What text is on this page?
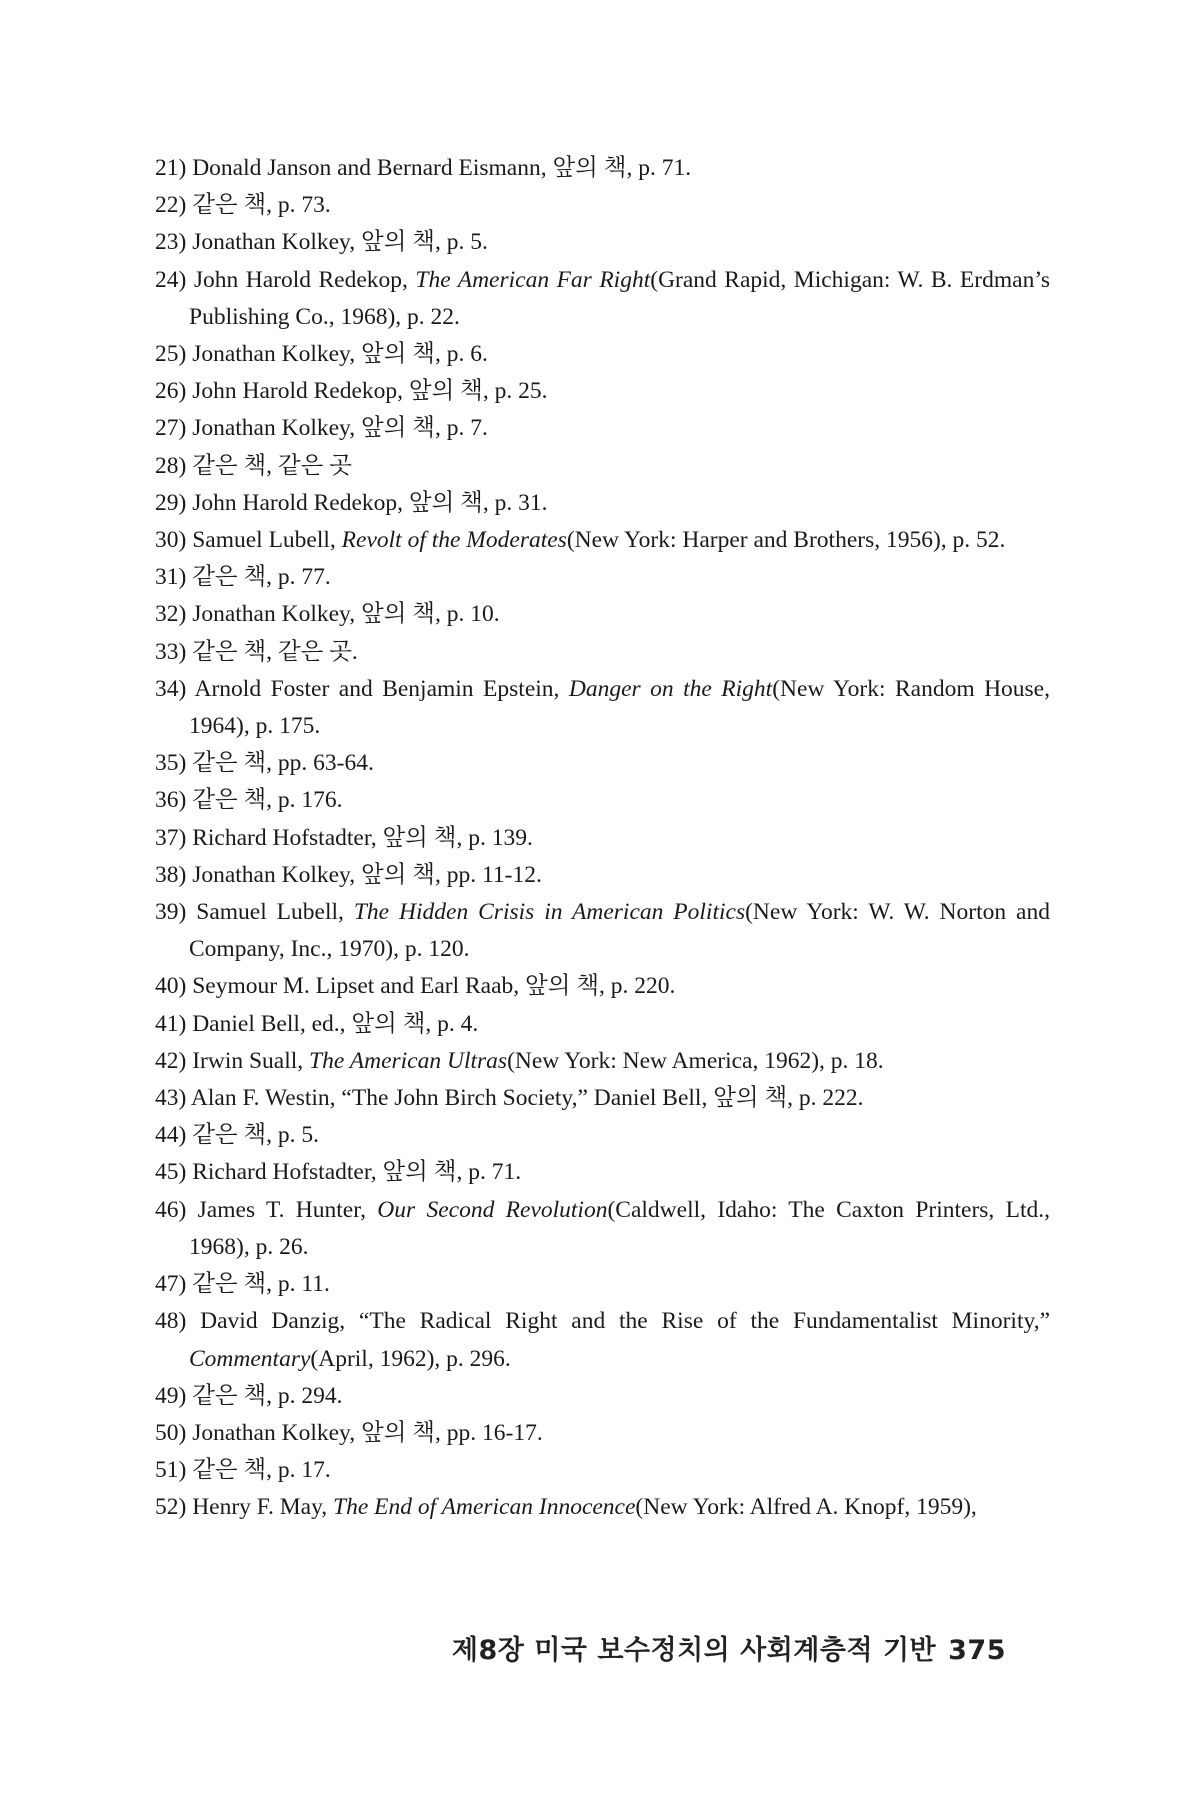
21) Donald Janson and Bernard Eismann, 앞의 책, p. 71.

22) 같은 책, p. 73.

23) Jonathan Kolkey, 앞의 책, p. 5.

24) John Harold Redekop, The American Far Right(Grand Rapid, Michigan: W. B. Erdman’s Publishing Co., 1968), p. 22.

25) Jonathan Kolkey, 앞의 책, p. 6.

26) John Harold Redekop, 앞의 책, p. 25.

27) Jonathan Kolkey, 앞의 책, p. 7.

28) 같은 책, 같은 곳

29) John Harold Redekop, 앞의 책, p. 31.

30) Samuel Lubell, Revolt of the Moderates(New York: Harper and Brothers, 1956), p. 52.

31) 같은 책, p. 77.

32) Jonathan Kolkey, 앞의 책, p. 10.

33) 같은 책, 같은 곳.

34) Arnold Foster and Benjamin Epstein, Danger on the Right(New York: Random House, 1964), p. 175.

35) 같은 책, pp. 63-64.

36) 같은 책, p. 176.

37) Richard Hofstadter, 앞의 책, p. 139.

38) Jonathan Kolkey, 앞의 책, pp. 11-12.

39) Samuel Lubell, The Hidden Crisis in American Politics(New York: W. W. Norton and Company, Inc., 1970), p. 120.

40) Seymour M. Lipset and Earl Raab, 앞의 책, p. 220.

41) Daniel Bell, ed., 앞의 책, p. 4.

42) Irwin Suall, The American Ultras(New York: New America, 1962), p. 18.

43) Alan F. Westin, “The John Birch Society,” Daniel Bell, 앞의 책, p. 222.

44) 같은 책, p. 5.

45) Richard Hofstadter, 앞의 책, p. 71.

46) James T. Hunter, Our Second Revolution(Caldwell, Idaho: The Caxton Printers, Ltd., 1968), p. 26.

47) 같은 책, p. 11.

48) David Danzig, “The Radical Right and the Rise of the Fundamentalist Minority,” Commentary(April, 1962), p. 296.

49) 같은 책, p. 294.

50) Jonathan Kolkey, 앞의 책, pp. 16-17.

51) 같은 책, p. 17.

52) Henry F. May, The End of American Innocence(New York: Alfred A. Knopf, 1959),

제8장 미국 보수정치의 사회계층적 기반 375
